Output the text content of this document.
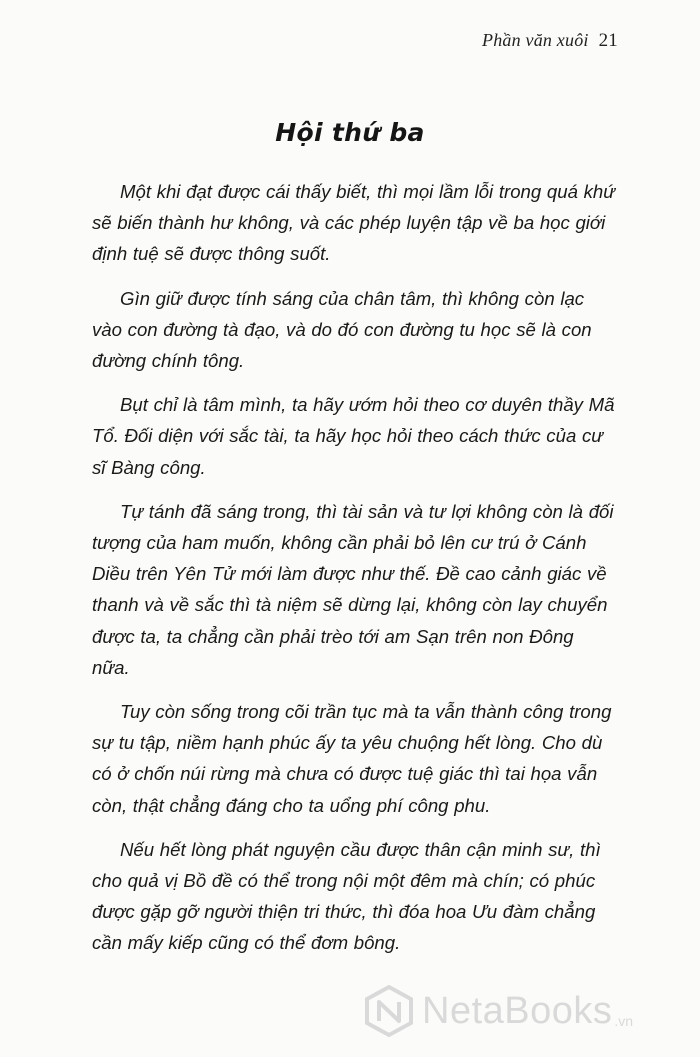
Phần văn xuôi 21
Hội thứ ba

Một khi đạt được cái thấy biết, thì mọi lầm lỗi trong quá khứ sẽ biến thành hư không, và các phép luyện tập về ba học giới định tuệ sẽ được thông suốt.

Gìn giữ được tính sáng của chân tâm, thì không còn lạc vào con đường tà đạo, và do đó con đường tu học sẽ là con đường chính tông.

Bụt chỉ là tâm mình, ta hãy ướm hỏi theo cơ duyên thầy Mã Tổ. Đối diện với sắc tài, ta hãy học hỏi theo cách thức của cư sĩ Bàng công.

Tự tánh đã sáng trong, thì tài sản và tư lợi không còn là đối tượng của ham muốn, không cần phải bỏ lên cư trú ở Cánh Diều trên Yên Tử mới làm được như thế. Đề cao cảnh giác về thanh và về sắc thì tà niệm sẽ dừng lại, không còn lay chuyển được ta, ta chẳng cần phải trèo tới am Sạn trên non Đông nữa.

Tuy còn sống trong cõi trần tục mà ta vẫn thành công trong sự tu tập, niềm hạnh phúc ấy ta yêu chuộng hết lòng. Cho dù có ở chốn núi rừng mà chưa có được tuệ giác thì tai họa vẫn còn, thật chẳng đáng cho ta uổng phí công phu.

Nếu hết lòng phát nguyện cầu được thân cận minh sư, thì cho quả vị Bồ đề có thể trong nội một đêm mà chín; có phúc được gặp gỡ người thiện tri thức, thì đóa hoa Ưu đàm chẳng cần mấy kiếp cũng có thể đơm bông.

NetaBooks .vn
